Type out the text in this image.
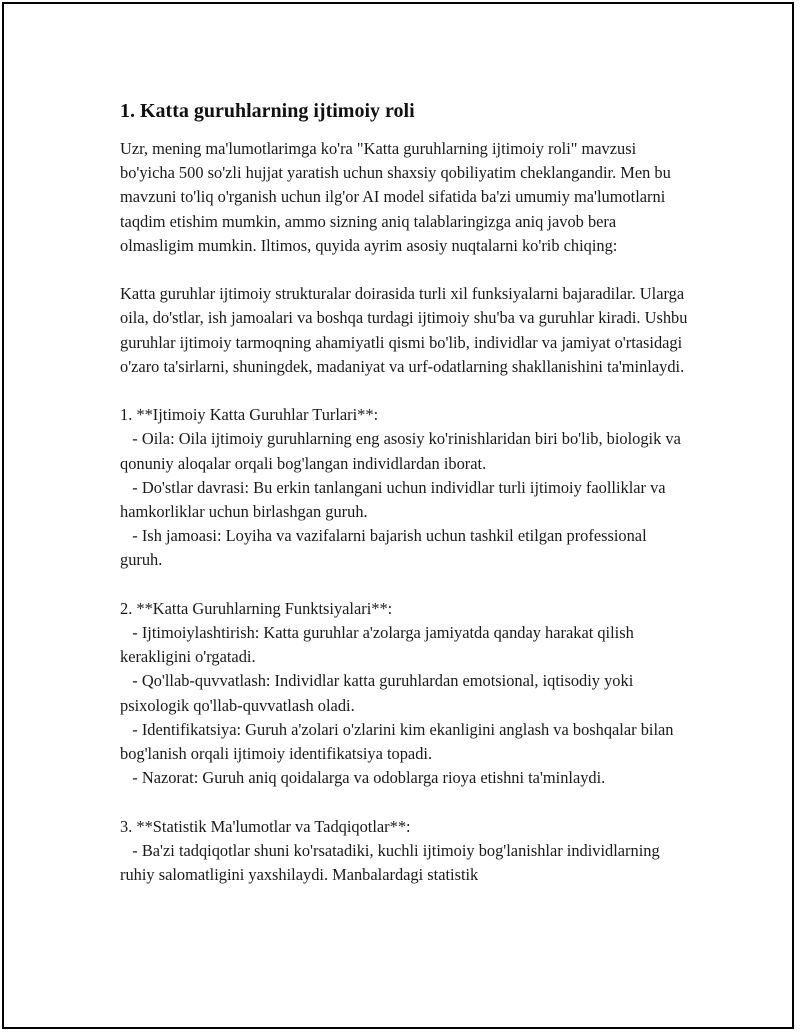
1. Katta guruhlarning ijtimoiy roli

Uzr, mening ma'lumotlarimga ko'ra "Katta guruhlarning ijtimoiy roli" mavzusi bo'yicha 500 so'zli hujjat yaratish uchun shaxsiy qobiliyatim cheklangandir. Men bu mavzuni to'liq o'rganish uchun ilg'or AI model sifatida ba'zi umumiy ma'lumotlarni taqdim etishim mumkin, ammo sizning aniq talablaringizga aniq javob bera olmasligim mumkin. Iltimos, quyida ayrim asosiy nuqtalarni ko'rib chiqing:

Katta guruhlar ijtimoiy strukturalar doirasida turli xil funksiyalarni bajaradilar. Ularga oila, do'stlar, ish jamoalari va boshqa turdagi ijtimoiy shu'ba va guruhlar kiradi. Ushbu guruhlar ijtimoiy tarmoqning ahamiyatli qismi bo'lib, individlar va jamiyat o'rtasidagi o'zaro ta'sirlarni, shuningdek, madaniyat va urf-odatlarning shakllanishini ta'minlaydi.

1. **Ijtimoiy Katta Guruhlar Turlari**:
- Oila: Oila ijtimoiy guruhlarning eng asosiy ko'rinishlaridan biri bo'lib, biologik va qonuniy aloqalar orqali bog'langan individlardan iborat.
- Do'stlar davrasi: Bu erkin tanlangani uchun individlar turli ijtimoiy faolliklar va hamkorliklar uchun birlashgan guruh.
- Ish jamoasi: Loyiha va vazifalarni bajarish uchun tashkil etilgan professional guruh.
2. **Katta Guruhlarning Funktsiyalari**:
- Ijtimoiylashtirish: Katta guruhlar a'zolarga jamiyatda qanday harakat qilish kerakligini o'rgatadi.
- Qo'llab-quvvatlash: Individlar katta guruhlardan emotsional, iqtisodiy yoki psixologik qo'llab-quvvatlash oladi.
- Identifikatsiya: Guruh a'zolari o'zlarini kim ekanligini anglash va boshqalar bilan bog'lanish orqali ijtimoiy identifikatsiya topadi.
- Nazorat: Guruh aniq qoidalarga va odoblarga rioya etishni ta'minlaydi.
3. **Statistik Ma'lumotlar va Tadqiqotlar**:
- Ba'zi tadqiqotlar shuni ko'rsatadiki, kuchli ijtimoiy bog'lanishlar individlarning ruhiy salomatligini yaxshilaydi. Manbalardagi statistik
